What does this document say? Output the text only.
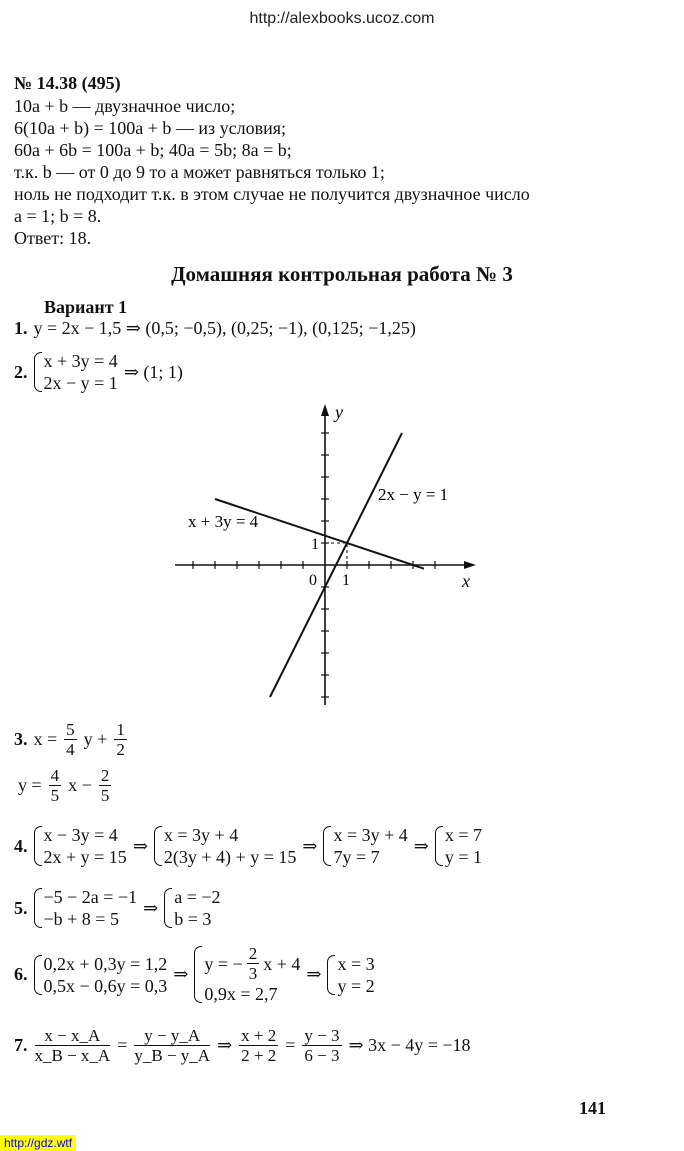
http://alexbooks.ucoz.com
№ 14.38 (495)
10a + b — двузначное число;
6(10a + b) = 100a + b — из условия;
60a + 6b = 100a + b; 40a = 5b; 8a = b;
т.к. b — от 0 до 9 то a может равняться только 1;
ноль не подходит т.к. в этом случае не получится двузначное число
a = 1; b = 8.
Ответ: 18.
Домашняя контрольная работа № 3
Вариант 1
1. y = 2x − 1,5 ⇒ (0,5; −0,5), (0,25; −1), (0,125; −1,25)
2.
x + 3y = 4
2x − y = 1
⇒ (1; 1)
x
y
0 1
1
x + 3y = 4
2x − y = 1
3. $x = \frac{5}{4}$ $y + \frac{1}{2}$
$y = \frac{4}{5}$ $x - \frac{2}{5}$
4.
x − 3y = 4
2x + y = 15
⇒
x = 3y + 4
2(3y + 4) + y = 15
⇒
x = 3y + 4
7y = 7
⇒
x = 7
y = 1
5.
−5 − 2a = −1
−b + 8 = 5
⇒
a = −2
b = 3
6.
0,2x + 0,3y = 1,2
0,5x − 0,6y = 0,3
⇒
y = − $\frac{2}{3}$ x + 4
0,9x = 2,7
⇒
x = 3
y = 2
7. $\frac{x - x\_A}{x\_B - x\_A} = \frac{y - y\_A}{y\_B - y\_A}$ ⇒ $\frac{x + 2}{2 + 2} = \frac{y - 3}{6 - 3}$ ⇒ 3x − 4y = −18
141
http://gdz.wtf
